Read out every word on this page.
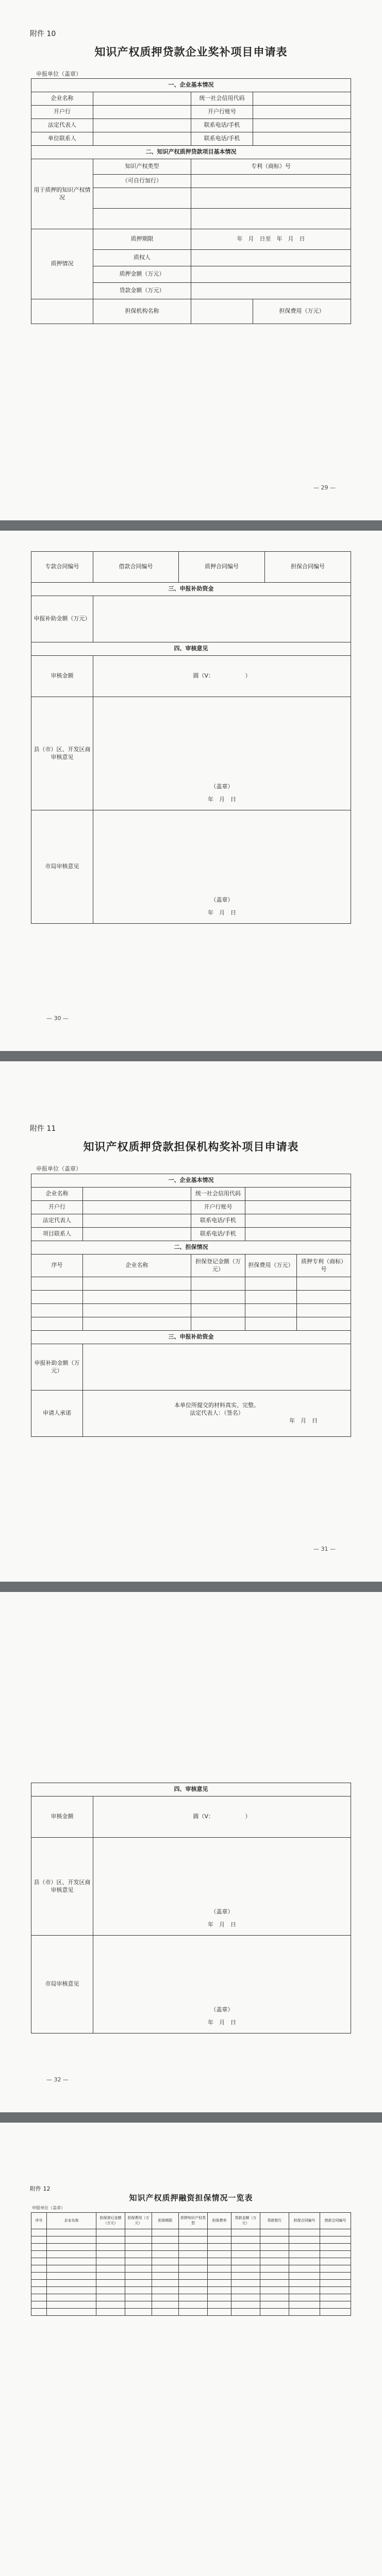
附件 10
知识产权质押贷款企业奖补项目申请表
申报单位（盖章）
一、企业基本情况			
企业名称		统一社会信用代码	
开户行		开户行账号	
法定代表人		联系电话/手机	
单位联系人		联系电话/手机	
二、知识产权质押贷款项目基本情况			
用于质押的知识产权情况	知识产权类型	专利（商标）号	
	（可自行加行）		

质押情况	质押期限	年　月　日至　年　月　日	
	质权人		
	质押金额（万元）		
	贷款金额（万元）		
	担保机构名称		担保费用（万元）
— 29 —
专款合同编号	借款合同编号	质押合同编号	担保合同编号
三、申报补助资金			
申报补助金额（万元）			
四、审核意见			
审核金额	圆（V：　　　　　　）		
县（市）区、开发区商审核意见	（盖章）
年　月　日		

市局审核意见	（盖章）
年　月　日		
— 30 —
附件 11
知识产权质押贷款担保机构奖补项目申请表
申报单位（盖章）
一、企业基本情况				
企业名称		统一社会信用代码		
开户行		开户行账号		
法定代表人		联系电话/手机		
项目联系人		联系电话/手机		
二、担保情况				
序号	企业名称	担保登记金额（万元）	担保费用（万元）	质押专利（商标）号

三、申报补助资金				
申报补助金额（万元）				
申请人承诺	本单位所提交的材料真实、完整。
法定代表人：（签名）
年　月　日			
— 31 —
四、审核意见	
审核金额	圆（V：　　　　　　）
县（市）区、开发区商审核意见	（盖章）
年　月　日

市局审核意见	（盖章）
年　月　日
— 32 —
附件 12
知识产权质押融资担保情况一览表
申报单位（盖章）
序号	企业名称	担保登记金额（万元）	担保费用（万元）	担保期限	质押知识产权类型	担保费率	贷款金额（万元）	贷款银行	担保合同编号	借款合同编号
